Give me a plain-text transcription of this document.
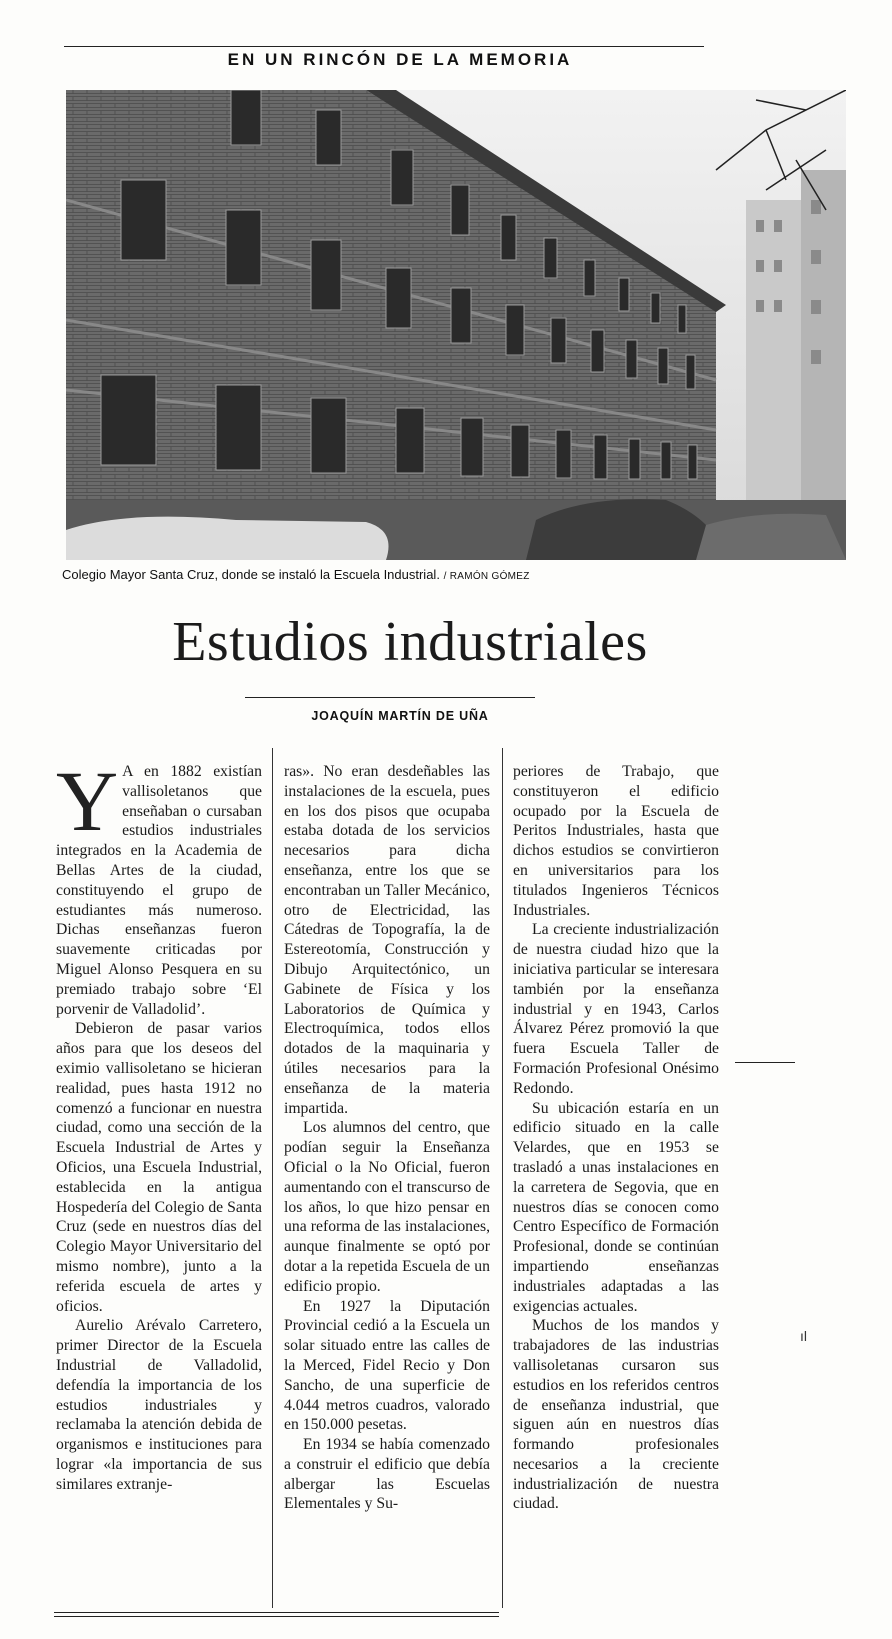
EN UN RINCÓN DE LA MEMORIA
Colegio Mayor Santa Cruz, donde se instaló la Escuela Industrial. / RAMÓN GÓMEZ
Estudios industriales
JOAQUÍN MARTÍN DE UÑA

Y A en 1882 existían vallisoletanos que enseñaban o cursaban estudios industriales integrados en la Academia de Bellas Artes de la ciudad, constituyendo el grupo de estudiantes más numeroso. Dichas enseñanzas fueron suavemente criticadas por Miguel Alonso Pesquera en su premiado trabajo sobre ‘El porvenir de Valladolid’.

Debieron de pasar varios años para que los deseos del eximio vallisoletano se hicieran realidad, pues hasta 1912 no comenzó a funcionar en nuestra ciudad, como una sección de la Escuela Industrial de Artes y Oficios, una Escuela Industrial, establecida en la antigua Hospedería del Colegio de Santa Cruz (sede en nuestros días del Colegio Mayor Universitario del mismo nombre), junto a la referida escuela de artes y oficios.

Aurelio Arévalo Carretero, primer Director de la Escuela Industrial de Valladolid, defendía la importancia de los estudios industriales y reclamaba la atención debida de organismos e instituciones para lograr «la importancia de sus similares extranje-

ras». No eran desdeñables las instalaciones de la escuela, pues en los dos pisos que ocupaba estaba dotada de los servicios necesarios para dicha enseñanza, entre los que se encontraban un Taller Mecánico, otro de Electricidad, las Cátedras de Topografía, la de Estereotomía, Construcción y Dibujo Arquitectónico, un Gabinete de Física y los Laboratorios de Química y Electroquímica, todos ellos dotados de la maquinaria y útiles necesarios para la enseñanza de la materia impartida.

Los alumnos del centro, que podían seguir la Enseñanza Oficial o la No Oficial, fueron aumentando con el transcurso de los años, lo que hizo pensar en una reforma de las instalaciones, aunque finalmente se optó por dotar a la repetida Escuela de un edificio propio.

En 1927 la Diputación Provincial cedió a la Escuela un solar situado entre las calles de la Merced, Fidel Recio y Don Sancho, de una superficie de 4.044 metros cuadros, valorado en 150.000 pesetas.

En 1934 se había comenzado a construir el edificio que debía albergar las Escuelas Elementales y Su-

periores de Trabajo, que constituyeron el edificio ocupado por la Escuela de Peritos Industriales, hasta que dichos estudios se convirtieron en universitarios para los titulados Ingenieros Técnicos Industriales.

La creciente industrialización de nuestra ciudad hizo que la iniciativa particular se interesara también por la enseñanza industrial y en 1943, Carlos Álvarez Pérez promovió la que fuera Escuela Taller de Formación Profesional Onésimo Redondo.

Su ubicación estaría en un edificio situado en la calle Velardes, que en 1953 se trasladó a unas instalaciones en la carretera de Segovia, que en nuestros días se conocen como Centro Específico de Formación Profesional, donde se continúan impartiendo enseñanzas industriales adaptadas a las exigencias actuales.

Muchos de los mandos y trabajadores de las industrias vallisoletanas cursaron sus estudios en los referidos centros de enseñanza industrial, que siguen aún en nuestros días formando profesionales necesarios a la creciente industrialización de nuestra ciudad.

ıl
